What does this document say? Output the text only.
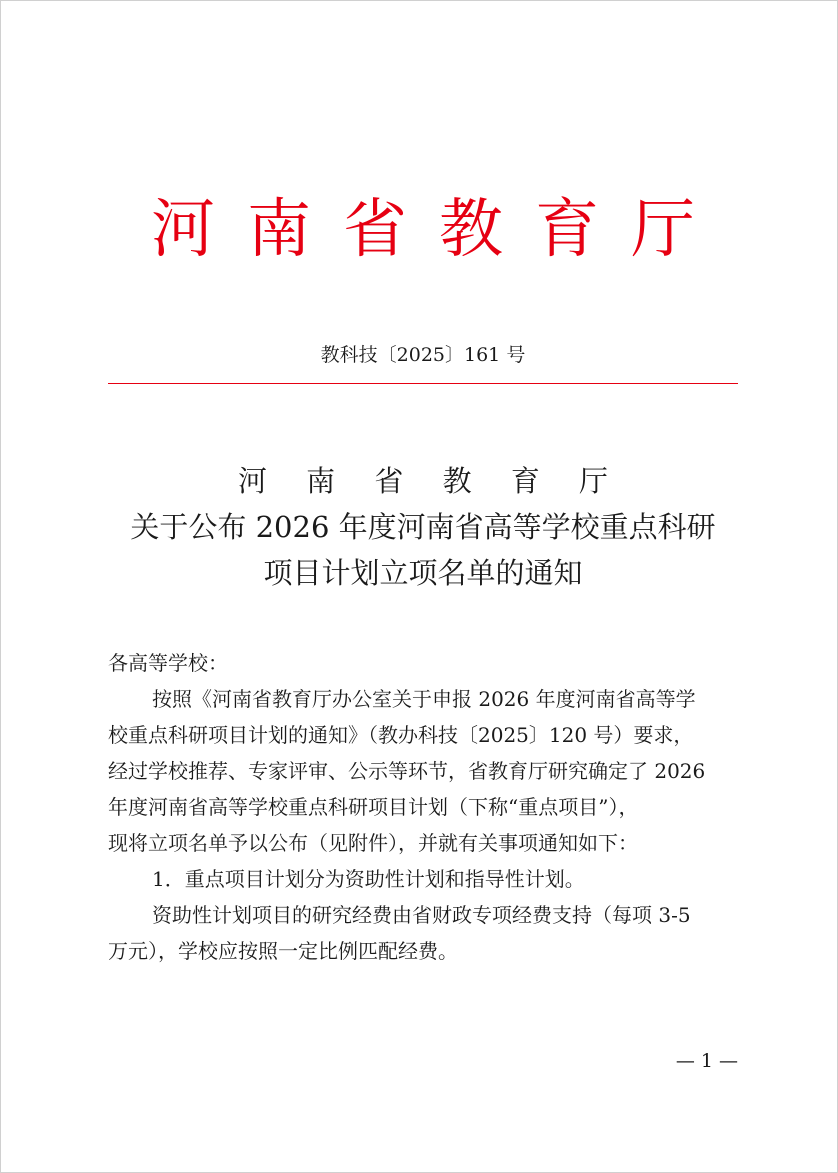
河南省教育厅
教科技〔2025〕161 号
河 南 省 教 育 厅
关于公布 2026 年度河南省高等学校重点科研
项目计划立项名单的通知
各高等学校：
按照《河南省教育厅办公室关于申报 2026 年度河南省高等学
校重点科研项目计划的通知》（教办科技〔2025〕120 号）要求，
经过学校推荐、专家评审、公示等环节，省教育厅研究确定了 2026
年度河南省高等学校重点科研项目计划（下称“重点项目”），
现将立项名单予以公布（见附件），并就有关事项通知如下：
1．重点项目计划分为资助性计划和指导性计划。
资助性计划项目的研究经费由省财政专项经费支持（每项 3-5
万元），学校应按照一定比例匹配经费。
— 1 —
